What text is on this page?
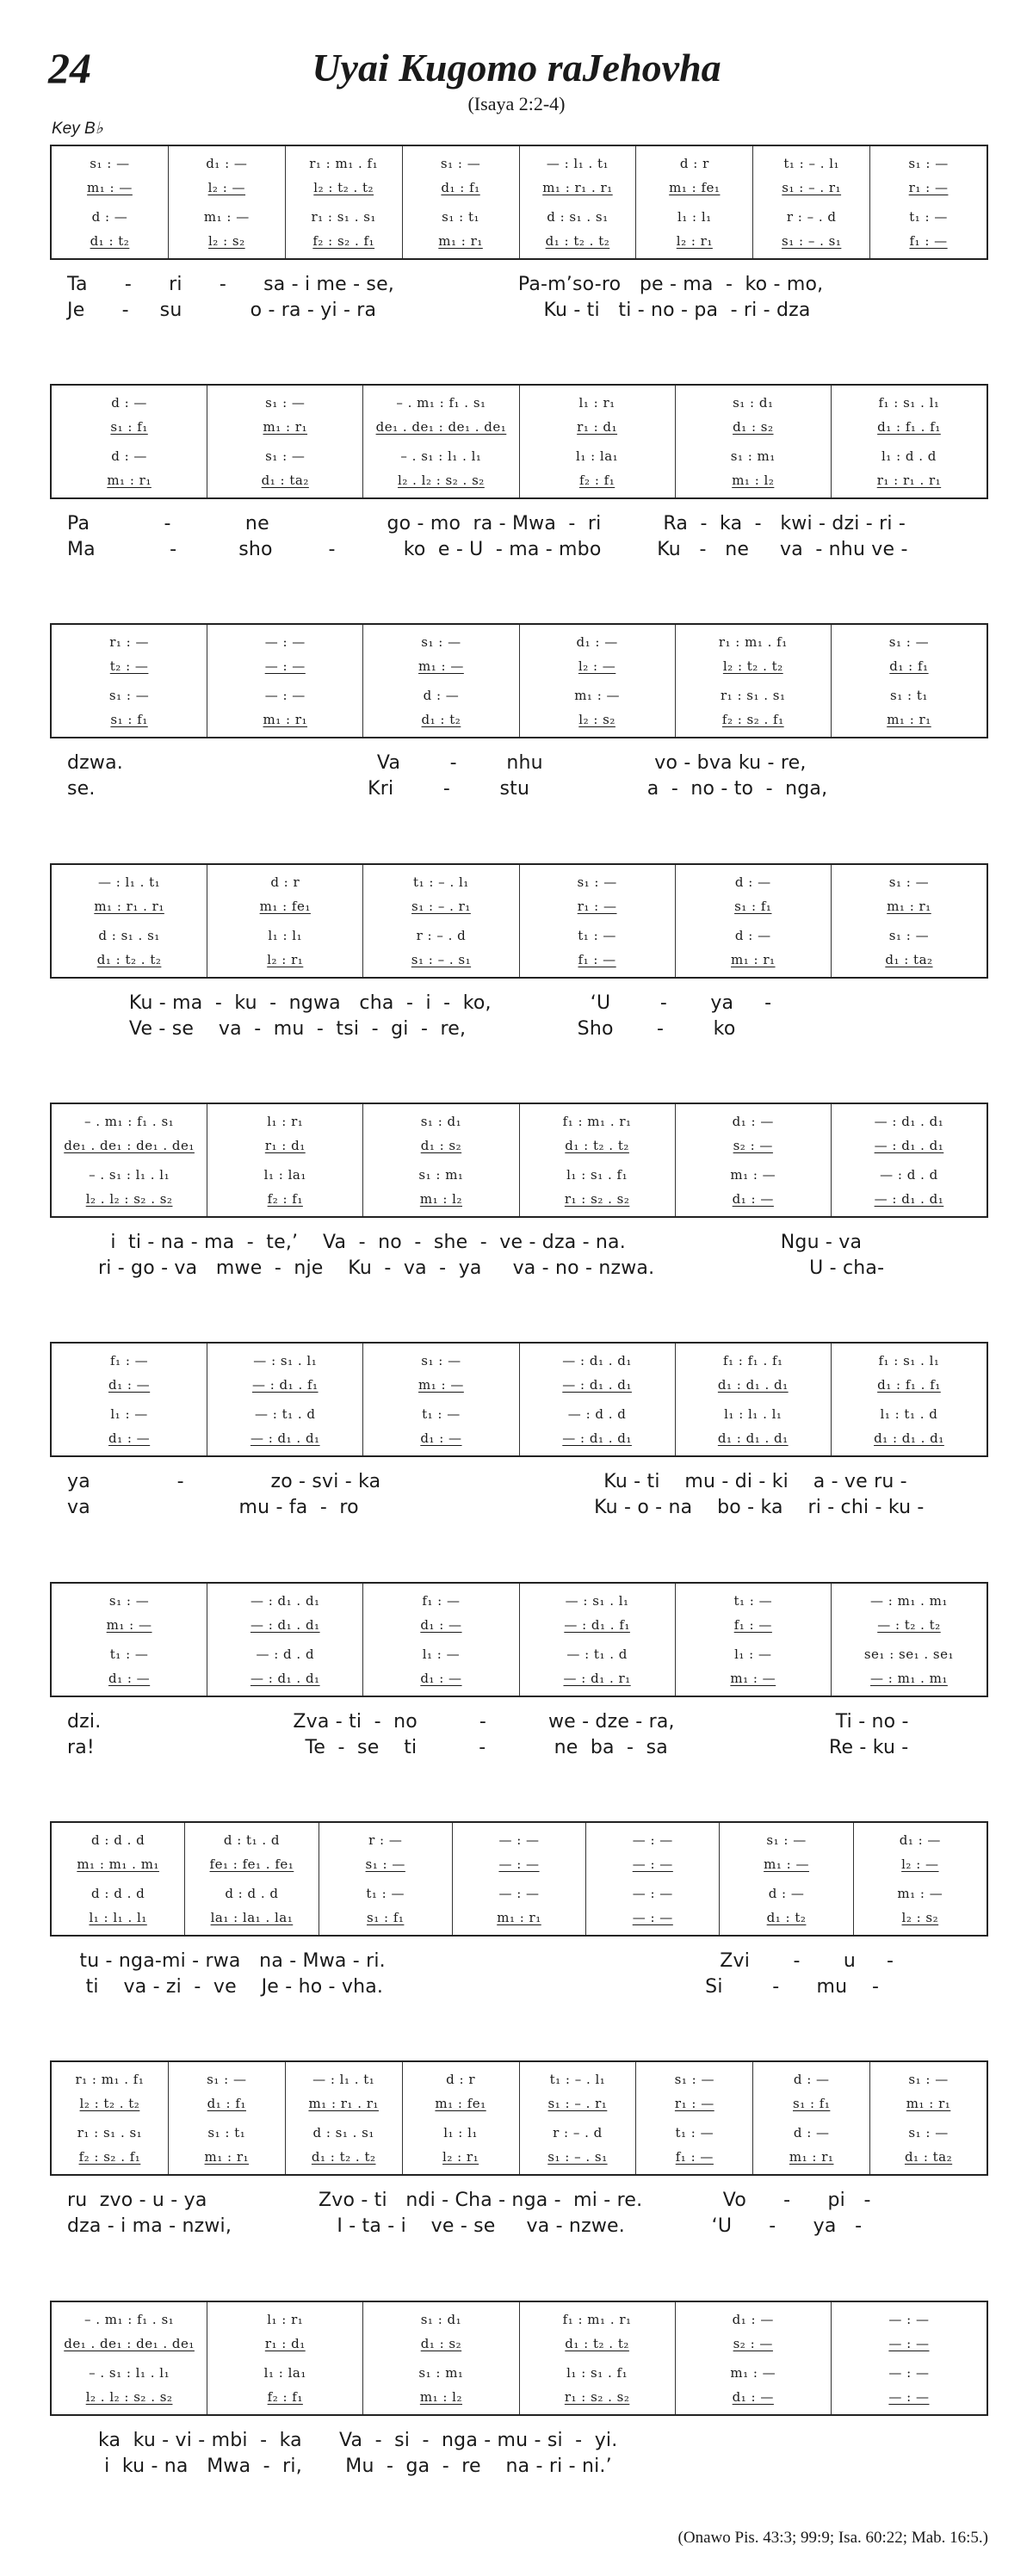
24	Uyai Kugomo raJehovha
(Isaya 2:2-4)
Key B♭
s₁ : —
m₁ : —
d : —
d₁ : t₂
d₁ : —
l₂ : —
m₁ : —
l₂ : s₂
r₁ : m₁ . f₁
l₂ : t₂ . t₂
r₁ : s₁ . s₁
f₂ : s₂ . f₁
s₁ : —
d₁ : f₁
s₁ : t₁
m₁ : r₁
— : l₁ . t₁
m₁ : r₁ . r₁
d : s₁ . s₁
d₁ : t₂ . t₂
d : r
m₁ : fe₁
l₁ : l₁
l₂ : r₁
t₁ : – . l₁
s₁ : – . r₁
r : – . d
s₁ : – . s₁
s₁ : —
r₁ : —
t₁ : —
f₁ : —
Ta      -      ri      -      sa - i me - se,                    Pa-m’so-ro   pe - ma  -  ko - mo,
Je      -     su           o - ra - yi - ra                           Ku - ti   ti - no - pa  - ri - dza
d : —
s₁ : f₁
d : —
m₁ : r₁
s₁ : —
m₁ : r₁
s₁ : —
d₁ : ta₂
– . m₁ : f₁ . s₁
de₁ . de₁ : de₁ . de₁
– . s₁ : l₁ . l₁
l₂ . l₂ : s₂ . s₂
l₁ : r₁
r₁ : d₁
l₁ : la₁
f₂ : f₁
s₁ : d₁
d₁ : s₂
s₁ : m₁
m₁ : l₂
f₁ : s₁ . l₁
d₁ : f₁ . f₁
l₁ : d . d
r₁ : r₁ . r₁
Pa            -            ne                   go - mo  ra - Mwa  -  ri          Ra  -  ka  -   kwi - dzi - ri -
Ma            -          sho         -           ko  e - U  - ma - mbo         Ku   -   ne     va  - nhu ve -
r₁ : —
t₂ : —
s₁ : —
s₁ : f₁
— : —
— : —
— : —
m₁ : r₁
s₁ : —
m₁ : —
d : —
d₁ : t₂
d₁ : —
l₂ : —
m₁ : —
l₂ : s₂
r₁ : m₁ . f₁
l₂ : t₂ . t₂
r₁ : s₁ . s₁
f₂ : s₂ . f₁
s₁ : —
d₁ : f₁
s₁ : t₁
m₁ : r₁
dzwa.                                         Va        -        nhu                  vo - bva ku - re,
se.                                            Kri        -        stu                   a  -  no - to  -  nga,
— : l₁ . t₁
m₁ : r₁ . r₁
d : s₁ . s₁
d₁ : t₂ . t₂
d : r
m₁ : fe₁
l₁ : l₁
l₂ : r₁
t₁ : – . l₁
s₁ : – . r₁
r : – . d
s₁ : – . s₁
s₁ : —
r₁ : —
t₁ : —
f₁ : —
d : —
s₁ : f₁
d : —
m₁ : r₁
s₁ : —
m₁ : r₁
s₁ : —
d₁ : ta₂
Ku - ma  -  ku  -  ngwa   cha  -  i  -  ko,                ‘U        -       ya     -
Ve - se    va  -  mu  -  tsi  -  gi  -  re,                  Sho       -        ko
– . m₁ : f₁ . s₁
de₁ . de₁ : de₁ . de₁
– . s₁ : l₁ . l₁
l₂ . l₂ : s₂ . s₂
l₁ : r₁
r₁ : d₁
l₁ : la₁
f₂ : f₁
s₁ : d₁
d₁ : s₂
s₁ : m₁
m₁ : l₂
f₁ : m₁ . r₁
d₁ : t₂ . t₂
l₁ : s₁ . f₁
r₁ : s₂ . s₂
d₁ : —
s₂ : —
m₁ : —
d₁ : —
— : d₁ . d₁
— : d₁ . d₁
— : d . d
— : d₁ . d₁
i  ti - na - ma  -  te,’    Va  -  no  -  she  -  ve - dza - na.                         Ngu - va
ri - go - va   mwe  -  nje    Ku  -  va  -  ya     va - no - nzwa.                         U - cha-
f₁ : —
d₁ : —
l₁ : —
d₁ : —
— : s₁ . l₁
— : d₁ . f₁
— : t₁ . d
— : d₁ . d₁
s₁ : —
m₁ : —
t₁ : —
d₁ : —
— : d₁ . d₁
— : d₁ . d₁
— : d . d
— : d₁ . d₁
f₁ : f₁ . f₁
d₁ : d₁ . d₁
l₁ : l₁ . l₁
d₁ : d₁ . d₁
f₁ : s₁ . l₁
d₁ : f₁ . f₁
l₁ : t₁ . d
d₁ : d₁ . d₁
ya              -              zo - svi - ka                                    Ku - ti    mu - di - ki    a - ve ru -
va                        mu - fa  -  ro                                      Ku - o - na    bo - ka    ri - chi - ku -
s₁ : —
m₁ : —
t₁ : —
d₁ : —
— : d₁ . d₁
— : d₁ . d₁
— : d . d
— : d₁ . d₁
f₁ : —
d₁ : —
l₁ : —
d₁ : —
— : s₁ . l₁
— : d₁ . f₁
— : t₁ . d
— : d₁ . r₁
t₁ : —
f₁ : —
l₁ : —
m₁ : —
— : m₁ . m₁
— : t₂ . t₂
se₁ : se₁ . se₁
— : m₁ . m₁
dzi.                               Zva - ti  -  no          -          we - dze - ra,                          Ti - no -
ra!                                  Te  -  se    ti          -           ne  ba  -  sa                          Re - ku -
d : d . d
m₁ : m₁ . m₁
d : d . d
l₁ : l₁ . l₁
d : t₁ . d
fe₁ : fe₁ . fe₁
d : d . d
la₁ : la₁ . la₁
r : —
s₁ : —
t₁ : —
s₁ : f₁
— : —
— : —
— : —
m₁ : r₁
— : —
— : —
— : —
— : —
s₁ : —
m₁ : —
d : —
d₁ : t₂
d₁ : —
l₂ : —
m₁ : —
l₂ : s₂
tu - nga-mi - rwa   na - Mwa - ri.                                                      Zvi       -       u     -
ti    va - zi  -  ve    Je - ho - vha.                                                    Si        -      mu    -
r₁ : m₁ . f₁
l₂ : t₂ . t₂
r₁ : s₁ . s₁
f₂ : s₂ . f₁
s₁ : —
d₁ : f₁
s₁ : t₁
m₁ : r₁
— : l₁ . t₁
m₁ : r₁ . r₁
d : s₁ . s₁
d₁ : t₂ . t₂
d : r
m₁ : fe₁
l₁ : l₁
l₂ : r₁
t₁ : – . l₁
s₁ : – . r₁
r : – . d
s₁ : – . s₁
s₁ : —
r₁ : —
t₁ : —
f₁ : —
d : —
s₁ : f₁
d : —
m₁ : r₁
s₁ : —
m₁ : r₁
s₁ : —
d₁ : ta₂
ru  zvo - u - ya                  Zvo - ti   ndi - Cha - nga -  mi - re.             Vo      -      pi   -
dza - i ma - nzwi,                 I - ta - i    ve - se     va - nzwe.              ‘U      -      ya   -
– . m₁ : f₁ . s₁
de₁ . de₁ : de₁ . de₁
– . s₁ : l₁ . l₁
l₂ . l₂ : s₂ . s₂
l₁ : r₁
r₁ : d₁
l₁ : la₁
f₂ : f₁
s₁ : d₁
d₁ : s₂
s₁ : m₁
m₁ : l₂
f₁ : m₁ . r₁
d₁ : t₂ . t₂
l₁ : s₁ . f₁
r₁ : s₂ . s₂
d₁ : —
s₂ : —
m₁ : —
d₁ : —
— : —
— : —
— : —
— : —
ka  ku - vi - mbi  -  ka      Va  -  si  -  nga - mu - si  -  yi.
i  ku - na   Mwa  -  ri,       Mu  -  ga  -  re    na - ri - ni.’
(Onawo Pis. 43:3; 99:9; Isa. 60:22; Mab. 16:5.)
